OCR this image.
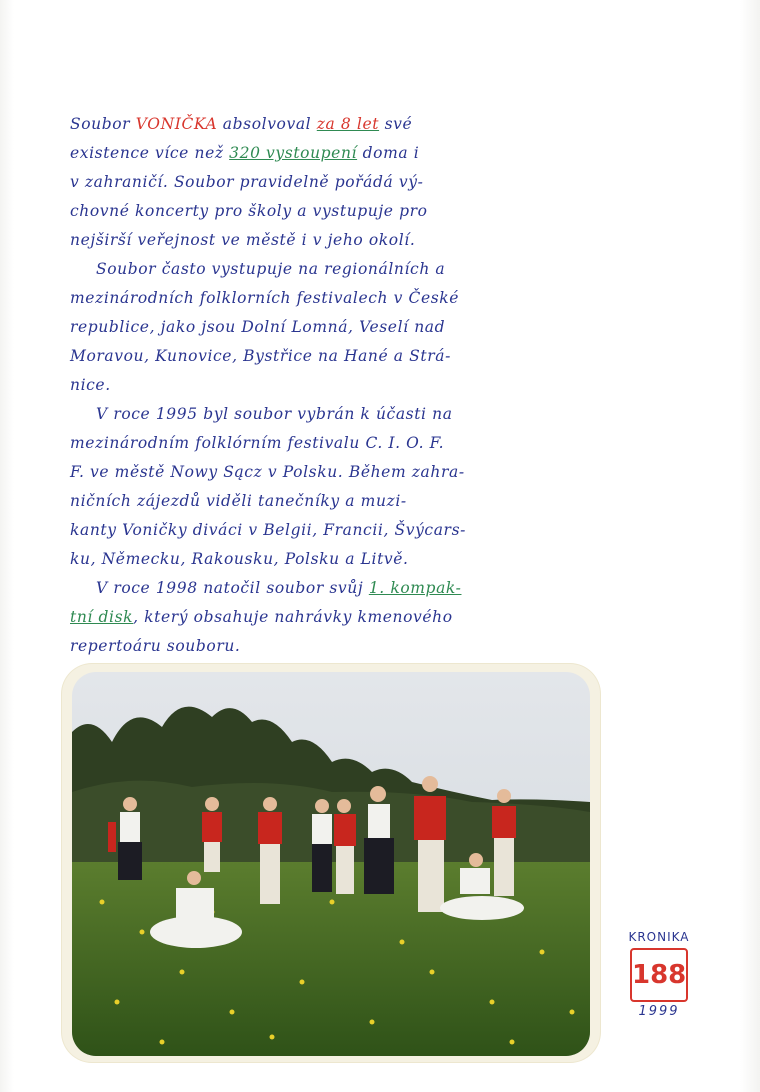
Soubor VONIČKA absolvoval za 8 let své
existence více než 320 vystoupení doma i
v zahraničí. Soubor pravidelně pořádá vý-
chovné koncerty pro školy a vystupuje pro
nejširší veřejnost ve městě i v jeho okolí.
Soubor často vystupuje na regionálních a
mezinárodních folklorních festivalech v České
republice, jako jsou Dolní Lomná, Veselí nad
Moravou, Kunovice, Bystřice na Hané a Strá-
nice.
V roce 1995 byl soubor vybrán k účasti na
mezinárodním folklórním festivalu C. I. O. F.
F. ve městě Nowy Sącz v Polsku. Během zahra-
ničních zájezdů viděli tanečníky a muzi-
kanty Voničky diváci v Belgii, Francii, Švýcars-
ku, Německu, Rakousku, Polsku a Litvě.
V roce 1998 natočil soubor svůj 1. kompak-
tní disk, který obsahuje nahrávky kmenového
repertoáru souboru.
KRONIKA
188
1999
